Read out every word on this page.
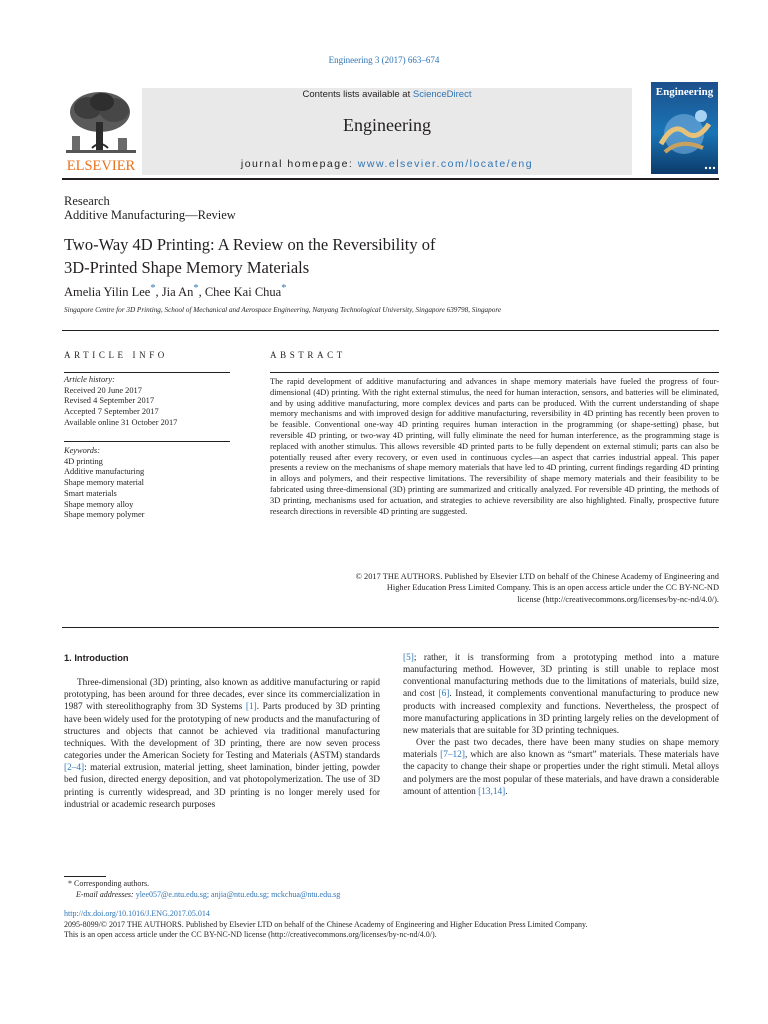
Engineering 3 (2017) 663–674
ELSEVIER
Contents lists available at ScienceDirect
Engineering
journal homepage: www.elsevier.com/locate/eng
Engineering
Research
Additive Manufacturing—Review
Two-Way 4D Printing: A Review on the Reversibility of
3D-Printed Shape Memory Materials
Amelia Yilin Lee*, Jia An*, Chee Kai Chua*
Singapore Centre for 3D Printing, School of Mechanical and Aerospace Engineering, Nanyang Technological University, Singapore 639798, Singapore
ARTICLE INFO
Article history:
Received 20 June 2017
Revised 4 September 2017
Accepted 7 September 2017
Available online 31 October 2017
Keywords:
4D printing
Additive manufacturing
Shape memory material
Smart materials
Shape memory alloy
Shape memory polymer
ABSTRACT
The rapid development of additive manufacturing and advances in shape memory materials have fueled the progress of four-dimensional (4D) printing. With the right external stimulus, the need for human interaction, sensors, and batteries will be eliminated, and by using additive manufacturing, more complex devices and parts can be produced. With the current understanding of shape memory mechanisms and with improved design for additive manufacturing, reversibility in 4D printing has recently been proven to be feasible. Conventional one-way 4D printing requires human interaction in the programming (or shape-setting) phase, but reversible 4D printing, or two-way 4D printing, will fully eliminate the need for human interference, as the programming stage is replaced with another stimulus. This allows reversible 4D printed parts to be fully dependent on external stimuli; parts can also be potentially reused after every recovery, or even used in continuous cycles—an aspect that carries industrial appeal. This paper presents a review on the mechanisms of shape memory materials that have led to 4D printing, current findings regarding 4D printing in alloys and polymers, and their respective limitations. The reversibility of shape memory materials and their feasibility to be fabricated using three-dimensional (3D) printing are summarized and critically analyzed. For reversible 4D printing, the methods of 3D printing, mechanisms used for actuation, and strategies to achieve reversibility are also highlighted. Finally, prospective future research directions in reversible 4D printing are suggested.
© 2017 THE AUTHORS. Published by Elsevier LTD on behalf of the Chinese Academy of Engineering and
Higher Education Press Limited Company. This is an open access article under the CC BY-NC-ND
license (http://creativecommons.org/licenses/by-nc-nd/4.0/).
1. Introduction

Three-dimensional (3D) printing, also known as additive manufacturing or rapid prototyping, has been around for three decades, ever since its commercialization in 1987 with stereolithography from 3D Systems [1]. Parts produced by 3D printing have been widely used for the prototyping of new products and the manufacturing of structures and objects that cannot be achieved via traditional manufacturing techniques. With the development of 3D printing, there are now seven process categories under the American Society for Testing and Materials (ASTM) standards [2–4]: material extrusion, material jetting, sheet lamination, binder jetting, powder bed fusion, directed energy deposition, and vat photopolymerization. The use of 3D printing is currently widespread, and 3D printing is no longer merely used for industrial or academic research purposes

[5]; rather, it is transforming from a prototyping method into a mature manufacturing method. However, 3D printing is still unable to replace most conventional manufacturing methods due to the limitations of materials, build size, and cost [6]. Instead, it complements conventional manufacturing to produce new products with increased complexity and functions. Nevertheless, the prospect of more manufacturing applications in 3D printing largely relies on the development of new materials that are suitable for 3D printing techniques.

Over the past two decades, there have been many studies on shape memory materials [7–12], which are also known as “smart” materials. These materials have the capacity to change their shape or properties under the right stimuli. Metal alloys and polymers are the most popular of these materials, and have drawn a considerable amount of attention [13,14].

* Corresponding authors.
E-mail addresses: ylee057@e.ntu.edu.sg; anjia@ntu.edu.sg; mckchua@ntu.edu.sg
http://dx.doi.org/10.1016/J.ENG.2017.05.014
2095-8099/© 2017 THE AUTHORS. Published by Elsevier LTD on behalf of the Chinese Academy of Engineering and Higher Education Press Limited Company.
This is an open access article under the CC BY-NC-ND license (http://creativecommons.org/licenses/by-nc-nd/4.0/).
